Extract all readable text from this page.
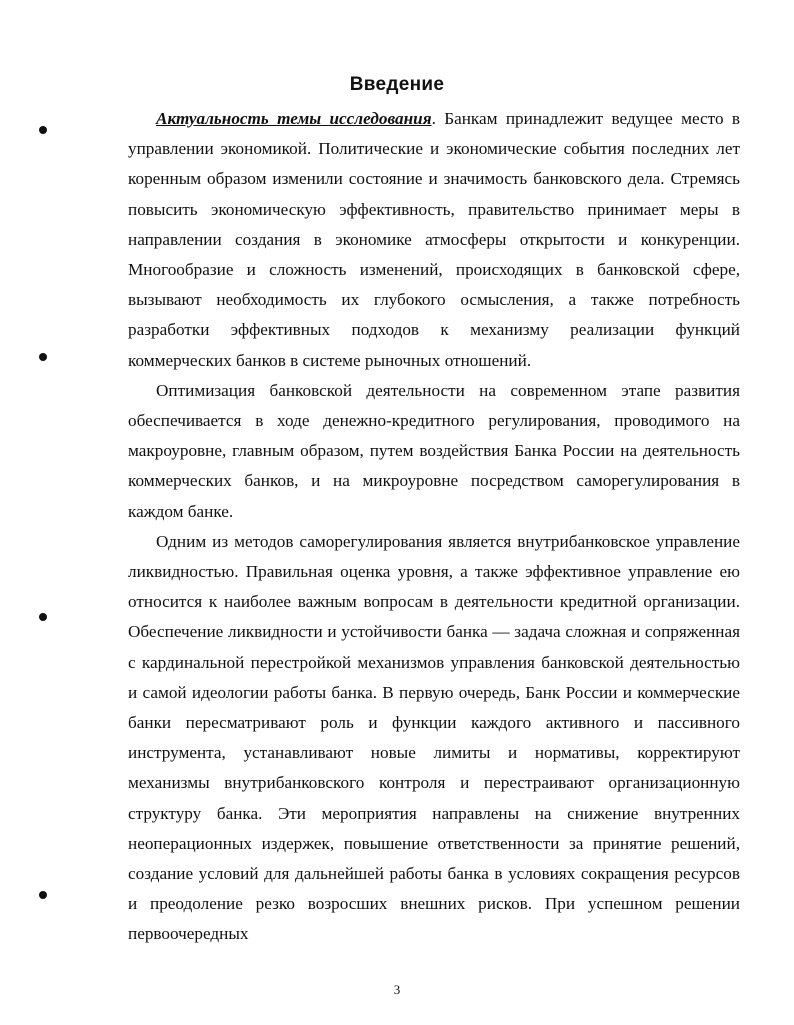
Введение

Актуальность темы исследования. Банкам принадлежит ведущее место в управлении экономикой. Политические и экономические события последних лет коренным образом изменили состояние и значимость банковского дела. Стремясь повысить экономическую эффективность, правительство принимает меры в направлении создания в экономике атмосферы открытости и конкуренции. Многообразие и сложность изменений, происходящих в банковской сфере, вызывают необходимость их глубокого осмысления, а также потребность разработки эффективных подходов к механизму реализации функций коммерческих банков в системе рыночных отношений.

Оптимизация банковской деятельности на современном этапе развития обеспечивается в ходе денежно-кредитного регулирования, проводимого на макроуровне, главным образом, путем воздействия Банка России на деятельность коммерческих банков, и на микроуровне посредством саморегулирования в каждом банке.

Одним из методов саморегулирования является внутрибанковское управление ликвидностью. Правильная оценка уровня, а также эффективное управление ею относится к наиболее важным вопросам в деятельности кредитной организации. Обеспечение ликвидности и устойчивости банка — задача сложная и сопряженная с кардинальной перестройкой механизмов управления банковской деятельностью и самой идеологии работы банка. В первую очередь, Банк России и коммерческие банки пересматривают роль и функции каждого активного и пассивного инструмента, устанавливают новые лимиты и нормативы, корректируют механизмы внутрибанковского контроля и перестраивают организационную структуру банка. Эти мероприятия направлены на снижение внутренних неоперационных издержек, повышение ответственности за принятие решений, создание условий для дальнейшей работы банка в условиях сокращения ресурсов и преодоление резко возросших внешних рисков. При успешном решении первоочередных

3
